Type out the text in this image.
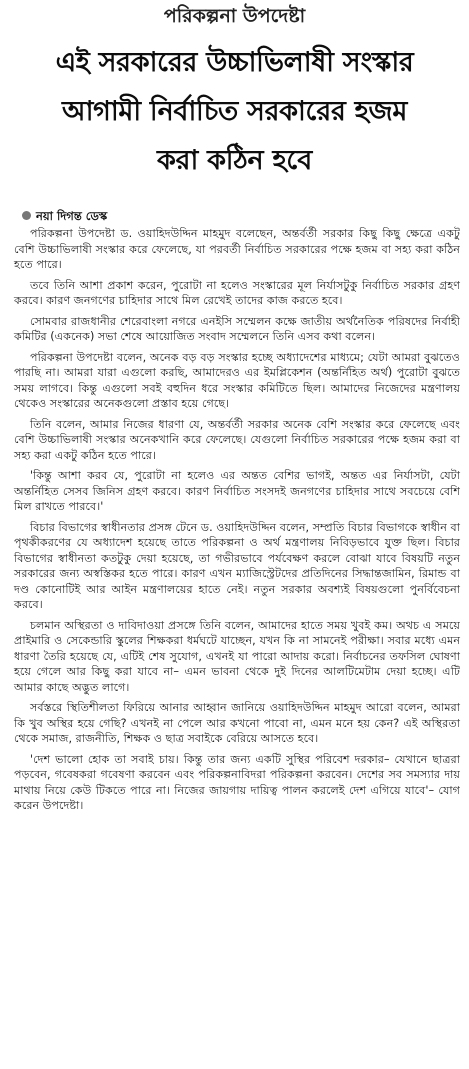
পরিকল্পনা উপদেষ্টা
এই সরকারের উচ্চাভিলাষী সংস্কার
আগামী নির্বাচিত সরকারের হজম
করা কঠিন হবে
নয়া দিগন্ত ডেস্ক

পরিকল্পনা উপদেষ্টা ড. ওয়াহিদউদ্দিন মাহমুদ বলেছেন, অন্তর্বর্তী সরকার কিছু কিছু ক্ষেত্রে একটু বেশি উচ্চাভিলাষী সংস্কার করে ফেলেছে, যা পরবর্তী নির্বাচিত সরকারের পক্ষে হজম বা সহ্য করা কঠিন হতে পারে।

তবে তিনি আশা প্রকাশ করেন, পুরোটা না হলেও সংস্কারের মূল নির্যাসটুকু নির্বাচিত সরকার গ্রহণ করবে। কারণ জনগণের চাহিদার সাথে মিল রেখেই তাদের কাজ করতে হবে।

সোমবার রাজধানীর শেরেবাংলা নগরে এনইসি সম্মেলন কক্ষে জাতীয় অর্থনৈতিক পরিষদের নির্বাহী কমিটির (একনেক) সভা শেষে আয়োজিত সংবাদ সম্মেলনে তিনি এসব কথা বলেন।

পরিকল্পনা উপদেষ্টা বলেন, অনেক বড় বড় সংস্কার হচ্ছে অধ্যাদেশের মাধ্যমে; যেটা আমরা বুঝতেও পারছি না। আমরা যারা এগুলো করছি, আমাদেরও এর ইমপ্লিকেশন (অন্তর্নিহিত অর্থ) পুরোটা বুঝতে সময় লাগবে। কিন্তু এগুলো সবই বহুদিন ধরে সংস্কার কমিটিতে ছিল। আমাদের নিজেদের মন্ত্রণালয় থেকেও সংস্কারের অনেকগুলো প্রস্তাব হয়ে গেছে।

তিনি বলেন, আমার নিজের ধারণা যে, অন্তর্বর্তী সরকার অনেক বেশি সংস্কার করে ফেলেছে এবং বেশি উচ্চাভিলাষী সংস্কার অনেকখানি করে ফেলেছে। যেগুলো নির্বাচিত সরকারের পক্ষে হজম করা বা সহ্য করা একটু কঠিন হতে পারে।

'কিন্তু আশা করব যে, পুরোটা না হলেও এর অন্তত বেশির ভাগই, অন্তত এর নির্যাসটা, যেটা অন্তর্নিহিত সেসব জিনিস গ্রহণ করবে। কারণ নির্বাচিত সংসদই জনগণের চাহিদার সাথে সবচেয়ে বেশি মিল রাখতে পারবে।'

বিচার বিভাগের স্বাধীনতার প্রসঙ্গ টেনে ড. ওয়াহিদউদ্দিন বলেন, সম্প্রতি বিচার বিভাগকে স্বাধীন বা পৃথকীকরণের যে অধ্যাদেশ হয়েছে তাতে পরিকল্পনা ও অর্থ মন্ত্রণালয় নিবিড়ভাবে যুক্ত ছিল। বিচার বিভাগের স্বাধীনতা কতটুকু দেয়া হয়েছে, তা গভীরভাবে পর্যবেক্ষণ করলে বোঝা যাবে বিষয়টি নতুন সরকারের জন্য অস্বস্তিকর হতে পারে। কারণ এখন ম্যাজিস্ট্রেটদের প্রতিদিনের সিদ্ধান্তজামিন, রিমান্ড বা দণ্ড কোনোটিই আর আইন মন্ত্রণালয়ের হাতে নেই। নতুন সরকার অবশ্যই বিষয়গুলো পুনর্বিবেচনা করবে।

চলমান অস্থিরতা ও দাবিদাওয়া প্রসঙ্গে তিনি বলেন, আমাদের হাতে সময় খুবই কম। অথচ এ সময়ে প্রাইমারি ও সেকেন্ডারি স্কুলের শিক্ষকরা ধর্মঘটে যাচ্ছেন, যখন কি না সামনেই পরীক্ষা। সবার মধ্যে এমন ধারণা তৈরি হয়েছে যে, এটিই শেষ সুযোগ, এখনই যা পারো আদায় করো। নির্বাচনের তফসিল ঘোষণা হয়ে গেলে আর কিছু করা যাবে না– এমন ভাবনা থেকে দুই দিনের আলটিমেটাম দেয়া হচ্ছে। এটি আমার কাছে অদ্ভুত লাগে।

সর্বস্তরে স্থিতিশীলতা ফিরিয়ে আনার আহ্বান জানিয়ে ওয়াহিদউদ্দিন মাহমুদ আরো বলেন, আমরা কি খুব অস্থির হয়ে গেছি? এখনই না পেলে আর কখনো পাবো না, এমন মনে হয় কেন? এই অস্থিরতা থেকে সমাজ, রাজনীতি, শিক্ষক ও ছাত্র সবাইকে বেরিয়ে আসতে হবে।

'দেশ ভালো হোক তা সবাই চায়। কিন্তু তার জন্য একটি সুস্থির পরিবেশ দরকার– যেখানে ছাত্ররা পড়বেন, গবেষকরা গবেষণা করবেন এবং পরিকল্পনাবিদরা পরিকল্পনা করবেন। দেশের সব সমস্যার দায় মাথায় নিয়ে কেউ টিকতে পারে না। নিজের জায়গায় দায়িত্ব পালন করলেই দেশ এগিয়ে যাবে'– যোগ করেন উপদেষ্টা।
